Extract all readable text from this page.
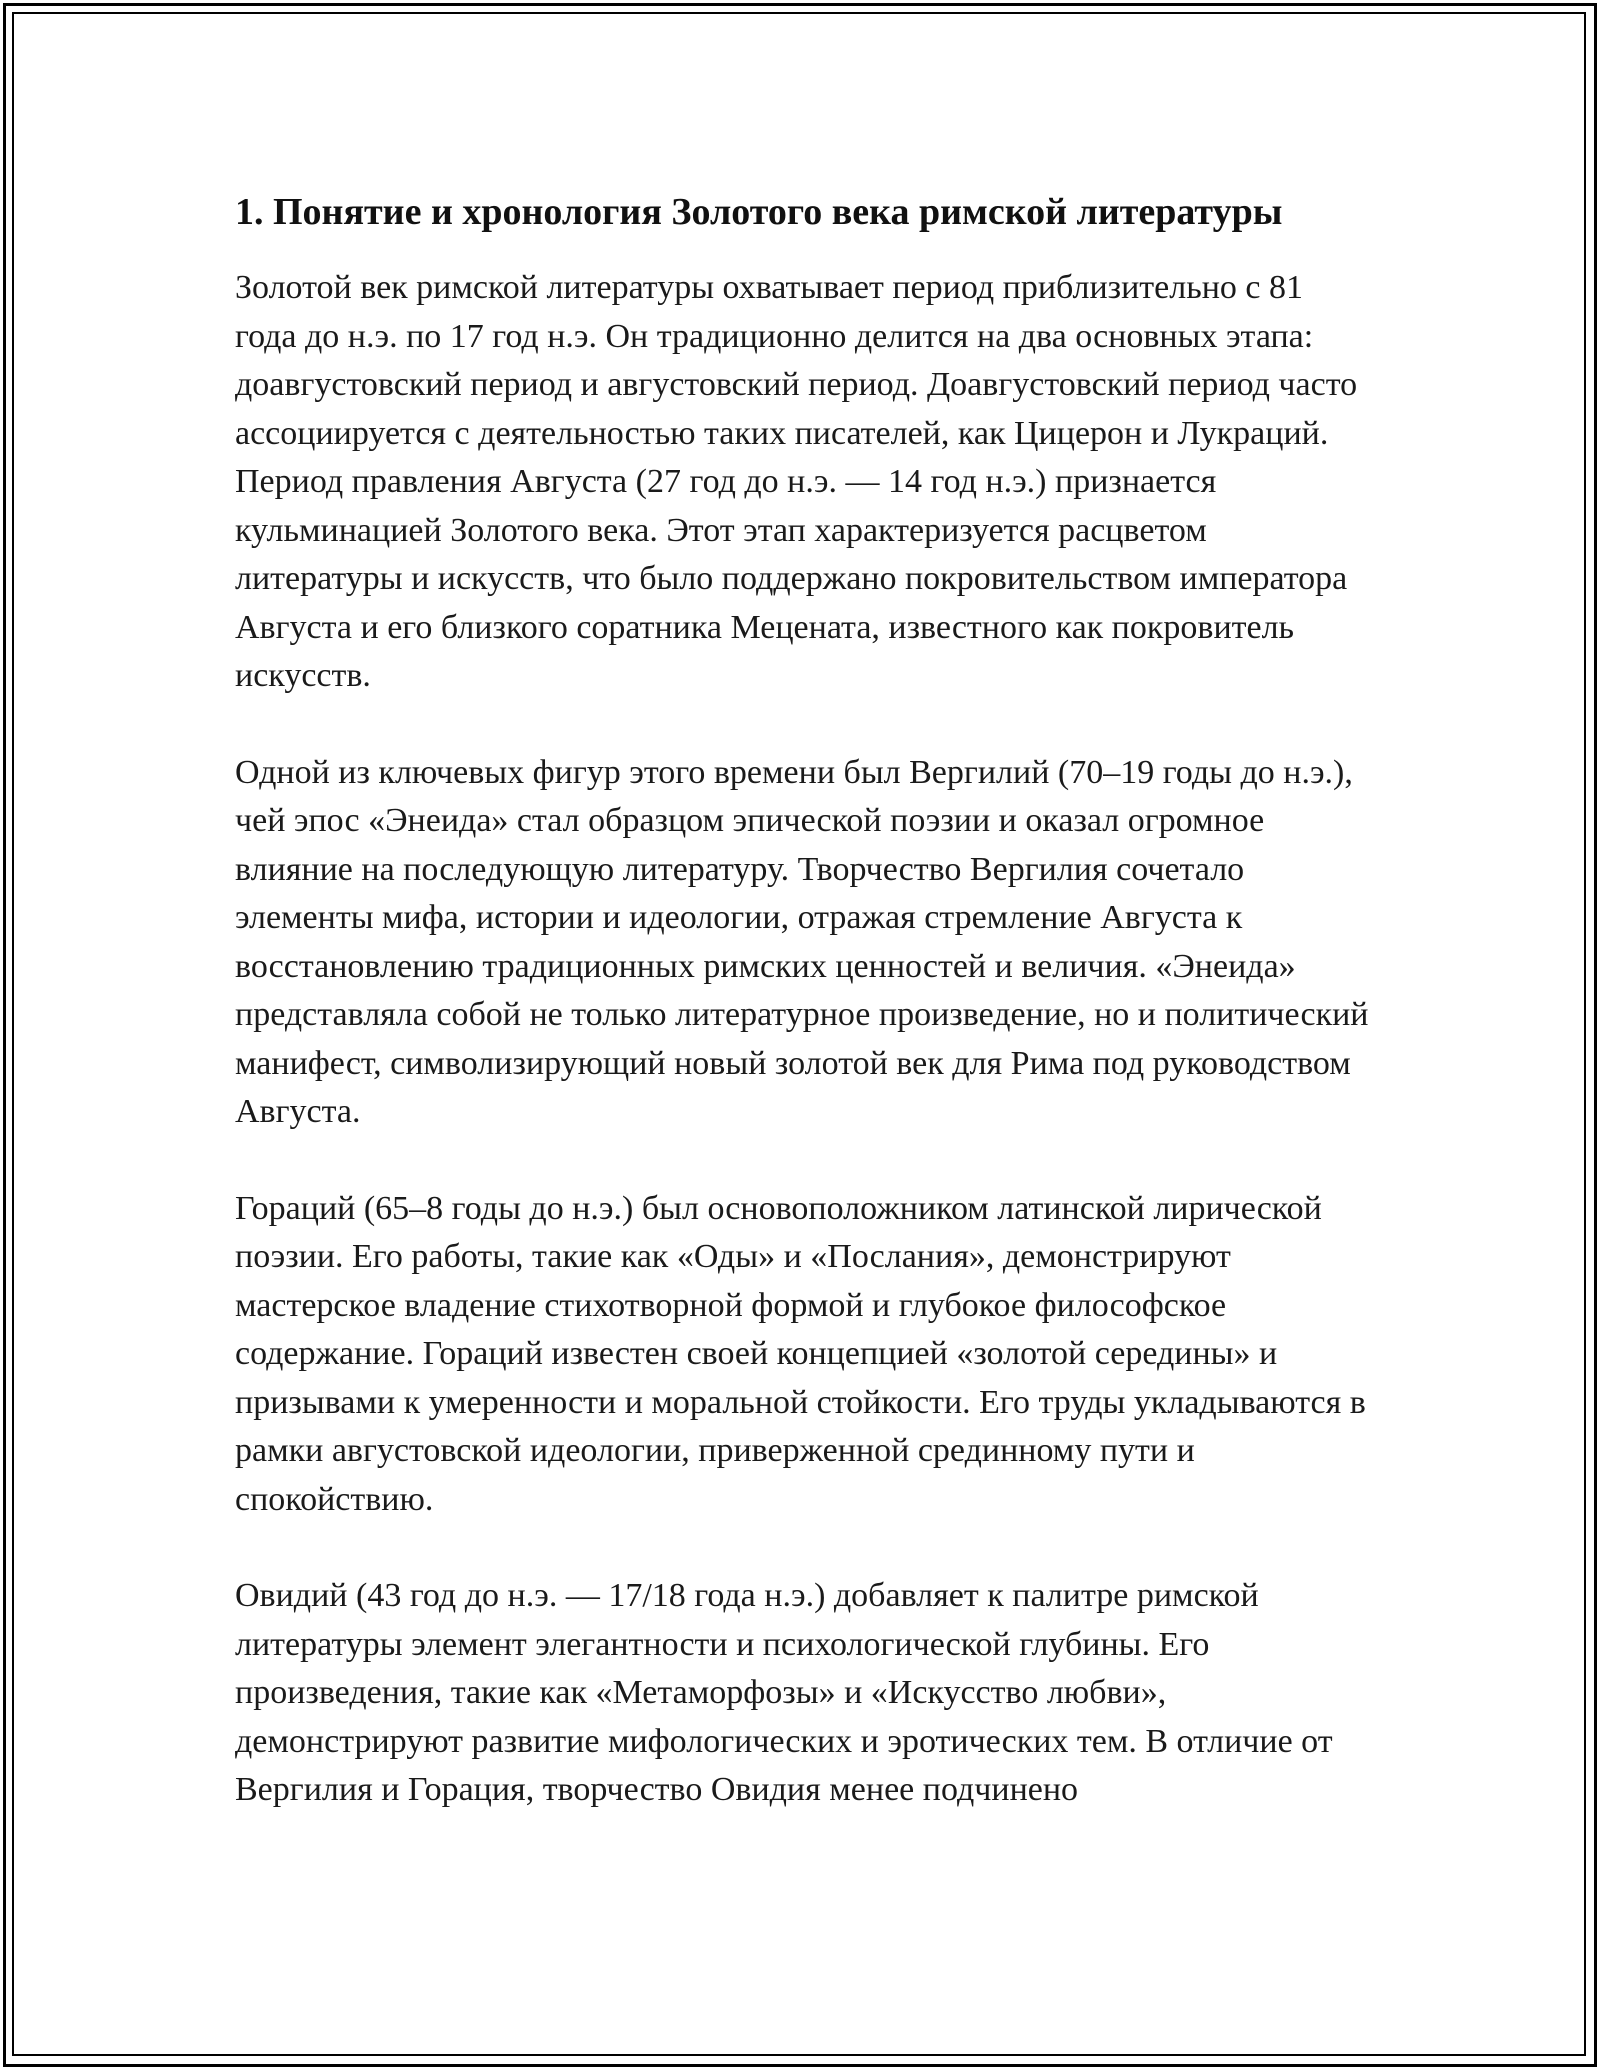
1. Понятие и хронология Золотого века римской литературы

Золотой век римской литературы охватывает период приблизительно с 81 года до н.э. по 17 год н.э. Он традиционно делится на два основных этапа: доавгустовский период и августовский период. Доавгустовский период часто ассоциируется с деятельностью таких писателей, как Цицерон и Лукраций. Период правления Августа (27 год до н.э. — 14 год н.э.) признается кульминацией Золотого века. Этот этап характеризуется расцветом литературы и искусств, что было поддержано покровительством императора Августа и его близкого соратника Мецената, известного как покровитель искусств.

Одной из ключевых фигур этого времени был Вергилий (70–19 годы до н.э.), чей эпос «Энеида» стал образцом эпической поэзии и оказал огромное влияние на последующую литературу. Творчество Вергилия сочетало элементы мифа, истории и идеологии, отражая стремление Августа к восстановлению традиционных римских ценностей и величия. «Энеида» представляла собой не только литературное произведение, но и политический манифест, символизирующий новый золотой век для Рима под руководством Августа.

Гораций (65–8 годы до н.э.) был основоположником латинской лирической поэзии. Его работы, такие как «Оды» и «Послания», демонстрируют мастерское владение стихотворной формой и глубокое философское содержание. Гораций известен своей концепцией «золотой середины» и призывами к умеренности и моральной стойкости. Его труды укладываются в рамки августовской идеологии, приверженной срединному пути и спокойствию.

Овидий (43 год до н.э. — 17/18 года н.э.) добавляет к палитре римской литературы элемент элегантности и психологической глубины. Его произведения, такие как «Метаморфозы» и «Искусство любви», демонстрируют развитие мифологических и эротических тем. В отличие от Вергилия и Горация, творчество Овидия менее подчинено
